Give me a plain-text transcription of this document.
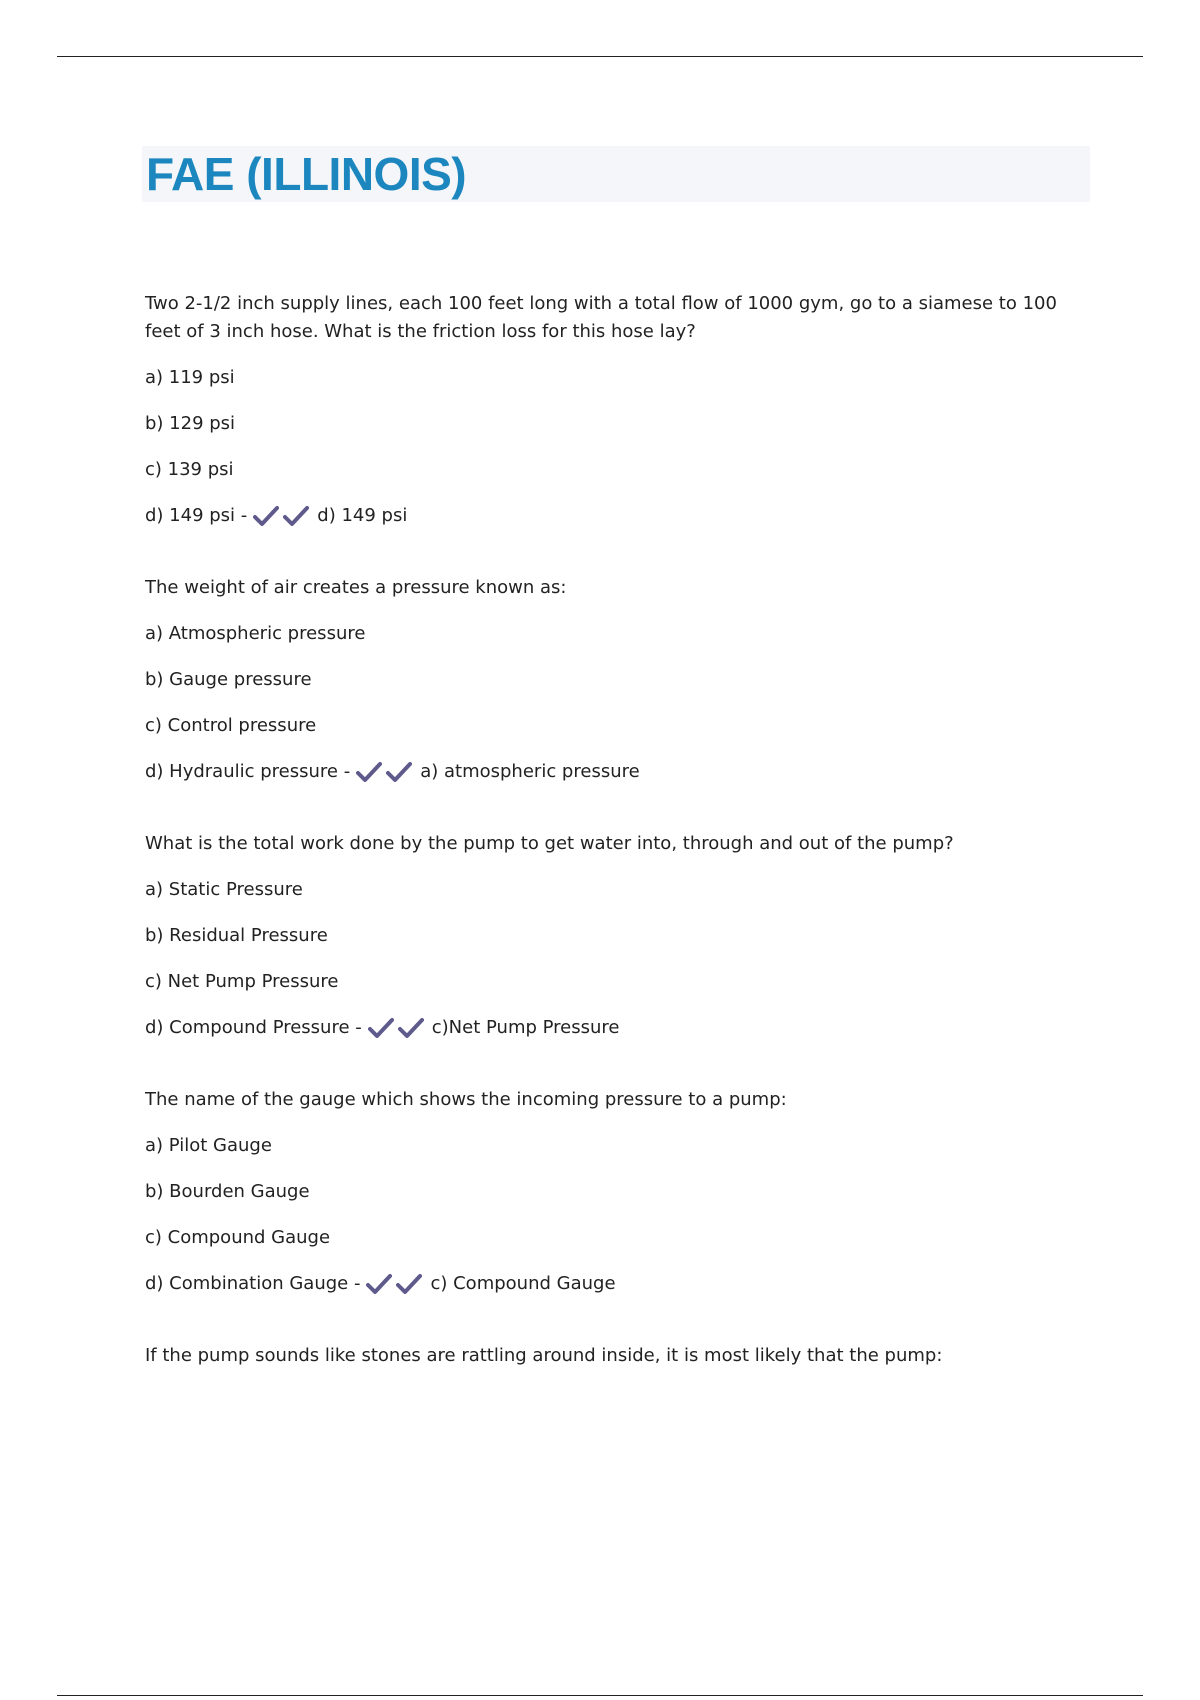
FAE (ILLINOIS)

Two 2-1/2 inch supply lines, each 100 feet long with a total flow of 1000 gym, go to a siamese to 100 feet of 3 inch hose. What is the friction loss for this hose lay?

a) 119 psi
b) 129 psi
c) 139 psi
d) 149 psi -	d) 149 psi

The weight of air creates a pressure known as:

a) Atmospheric pressure
b) Gauge pressure
c) Control pressure
d) Hydraulic pressure -	a) atmospheric pressure

What is the total work done by the pump to get water into, through and out of the pump?

a) Static Pressure
b) Residual Pressure
c) Net Pump Pressure
d) Compound Pressure -	c)Net Pump Pressure

The name of the gauge which shows the incoming pressure to a pump:

a) Pilot Gauge
b) Bourden Gauge
c) Compound Gauge
d) Combination Gauge -	c) Compound Gauge

If the pump sounds like stones are rattling around inside, it is most likely that the pump:
